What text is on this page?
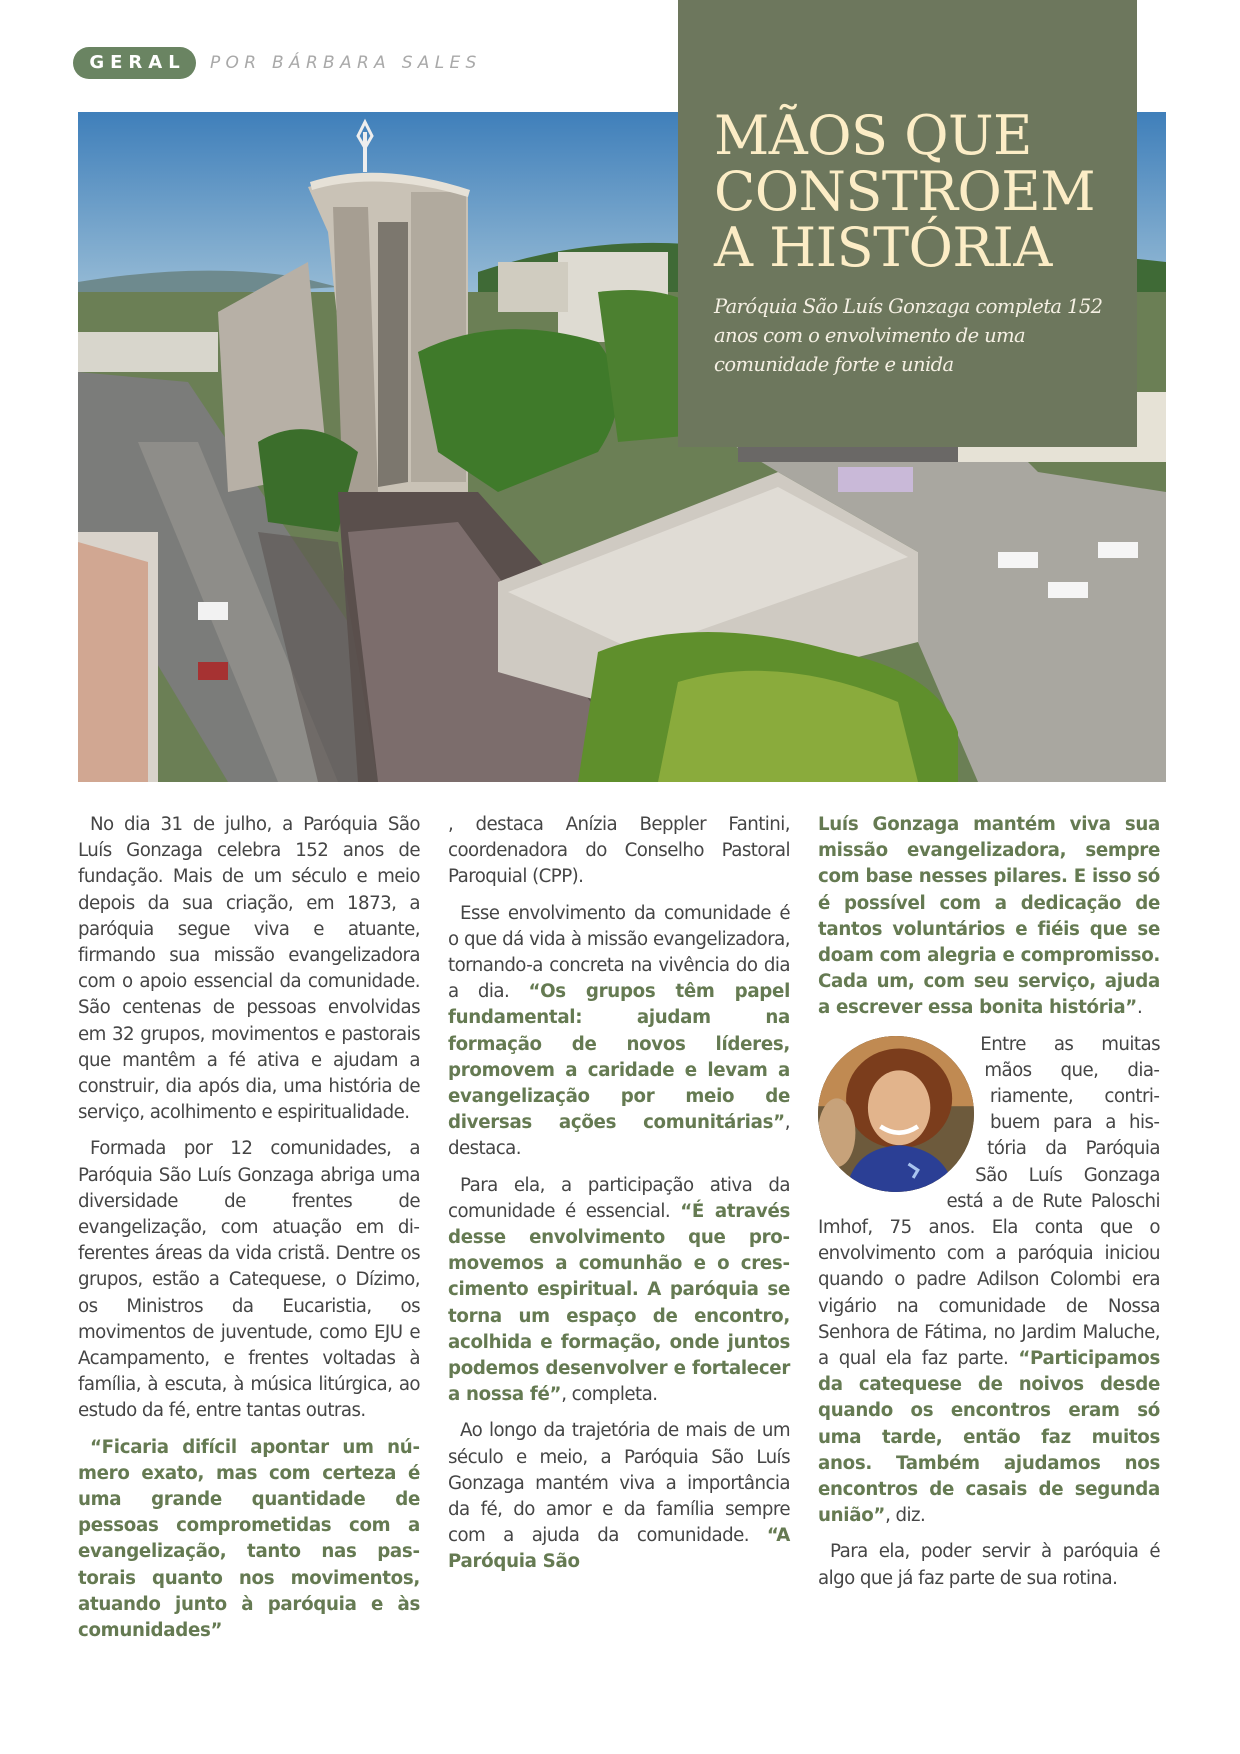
GERAL	POR BÁRBARA SALES
MÃOS QUE
CONSTROEM
A HISTÓRIA

Paróquia São Luís Gonzaga completa 152 anos com o envolvimento de uma comunidade forte e unida

No dia 31 de julho, a Paróquia São Luís Gonzaga celebra 152 anos de fundação. Mais de um século e meio depois da sua criação, em 1873, a paróquia segue viva e atuante, firmando sua missão evangelizadora com o apoio essencial da comunidade. São centenas de pessoas envolvidas em 32 grupos, movimentos e pastorais que mantêm a fé ativa e ajudam a construir, dia após dia, uma história de serviço, acolhimento e espiritualidade.

Formada por 12 comunidades, a Paróquia São Luís Gonzaga abriga uma diversidade de frentes de evangelização, com atuação em diferentes áreas da vida cristã. Dentre os grupos, estão a Catequese, o Dízimo, os Ministros da Eucaristia, os movimentos de juventude, como EJU e Acampamento, e frentes voltadas à família, à escuta, à música litúrgica, ao estudo da fé, entre tantas outras.

“Ficaria difícil apontar um número exato, mas com certeza é uma grande quantidade de pessoas comprometidas com a evangelização, tanto nas pastorais quanto nos movimentos, atuando junto à paróquia e às comunidades”

, destaca Anízia Beppler Fantini, coordenadora do Conselho Pastoral Paroquial (CPP).

Esse envolvimento da comunidade é o que dá vida à missão evangelizadora, tornando-a concreta na vivência do dia a dia. “Os grupos têm papel fundamental: ajudam na formação de novos líderes, promovem a caridade e levam a evangelização por meio de diversas ações comunitárias”, destaca.

Para ela, a participação ativa da comunidade é essencial. “É através desse envolvimento que promovemos a comunhão e o crescimento espiritual. A paróquia se torna um espaço de encontro, acolhida e formação, onde juntos podemos desenvolver e fortalecer a nossa fé”, completa.

Ao longo da trajetória de mais de um século e meio, a Paróquia São Luís Gonzaga mantém viva a importância da fé, do amor e da família sempre com a ajuda da comunidade. “A Paróquia São

Luís Gonzaga mantém viva sua missão evangelizadora, sempre com base nesses pilares. E isso só é possível com a dedicação de tantos voluntários e fiéis que se doam com alegria e compromisso. Cada um, com seu serviço, ajuda a escrever essa bonita história”.

Entre as muitas mãos que, diariamente, contribuem para a história da Paróquia São Luís Gonzaga está a de Rute Paloschi Imhof, 75 anos. Ela conta que o envolvimento com a paróquia iniciou quando o padre Adilson Colombi era vigário na comunidade de Nossa Senhora de Fátima, no Jardim Maluche, a qual ela faz parte. “Participamos da catequese de noivos desde quando os encontros eram só uma tarde, então faz muitos anos. Também ajudamos nos encontros de casais de segunda união”, diz.

Para ela, poder servir à paróquia é algo que já faz parte de sua rotina.
